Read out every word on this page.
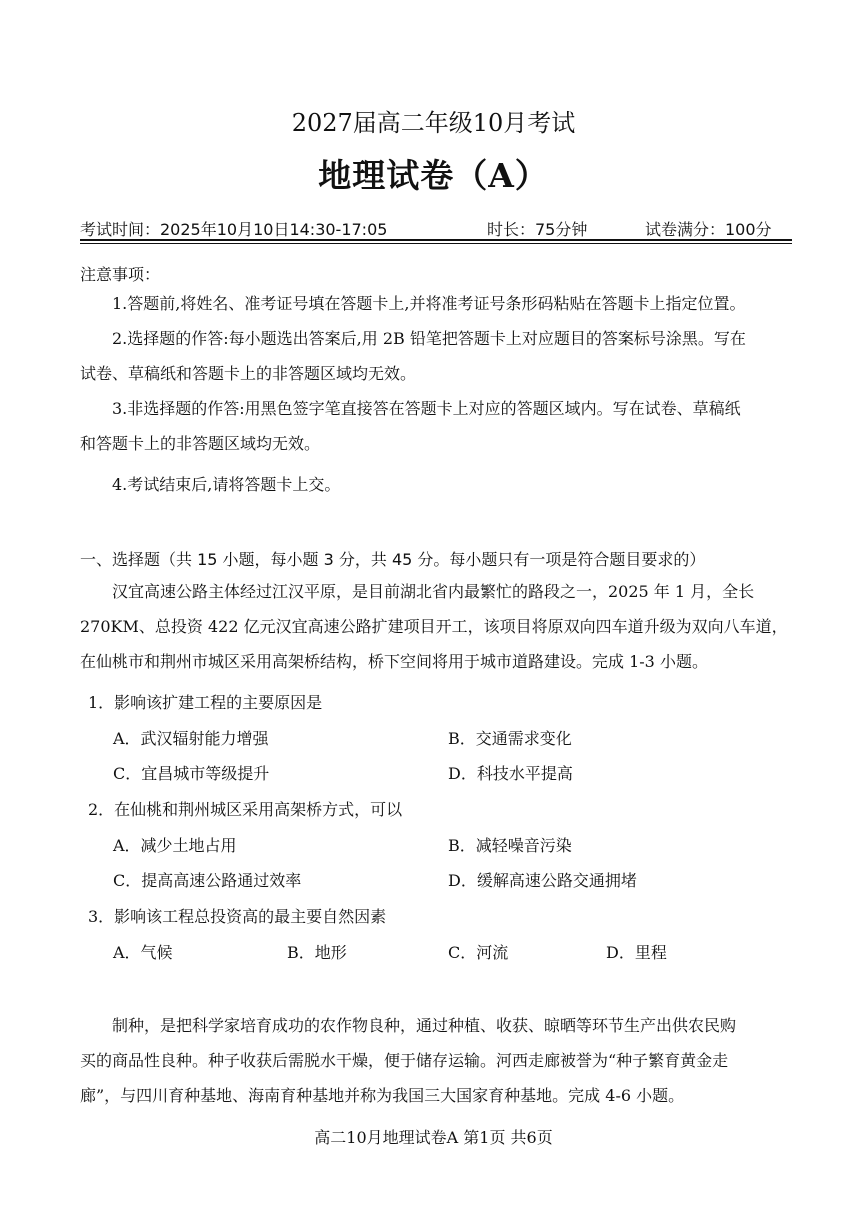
2027届高二年级10月考试
地理试卷（A）
考试时间：2025年10月10日14:30-17:05	时长：75分钟	试卷满分：100分
注意事项：
1.答题前,将姓名、准考证号填在答题卡上,并将准考证号条形码粘贴在答题卡上指定位置。
2.选择题的作答:每小题选出答案后,用 2B 铅笔把答题卡上对应题目的答案标号涂黑。写在
试卷、草稿纸和答题卡上的非答题区域均无效。
3.非选择题的作答:用黑色签字笔直接答在答题卡上对应的答题区域内。写在试卷、草稿纸
和答题卡上的非答题区域均无效。
4.考试结束后,请将答题卡上交。
一、选择题（共 15 小题，每小题 3 分，共 45 分。每小题只有一项是符合题目要求的）
汉宜高速公路主体经过江汉平原，是目前湖北省内最繁忙的路段之一，2025 年 1 月，全长
270KM、总投资 422 亿元汉宜高速公路扩建项目开工，该项目将原双向四车道升级为双向八车道，
在仙桃市和荆州市城区采用高架桥结构，桥下空间将用于城市道路建设。完成 1-3 小题。
1．影响该扩建工程的主要原因是
A．武汉辐射能力增强	B．交通需求变化
C．宜昌城市等级提升	D．科技水平提高
2．在仙桃和荆州城区采用高架桥方式，可以
A．减少土地占用	B．减轻噪音污染
C．提高高速公路通过效率	D．缓解高速公路交通拥堵
3．影响该工程总投资高的最主要自然因素
A．气候	B．地形	C．河流	D．里程
制种，是把科学家培育成功的农作物良种，通过种植、收获、晾晒等环节生产出供农民购
买的商品性良种。种子收获后需脱水干燥，便于储存运输。河西走廊被誉为“种子繁育黄金走
廊”，与四川育种基地、海南育种基地并称为我国三大国家育种基地。完成 4-6 小题。
高二10月地理试卷A 第1页 共6页
